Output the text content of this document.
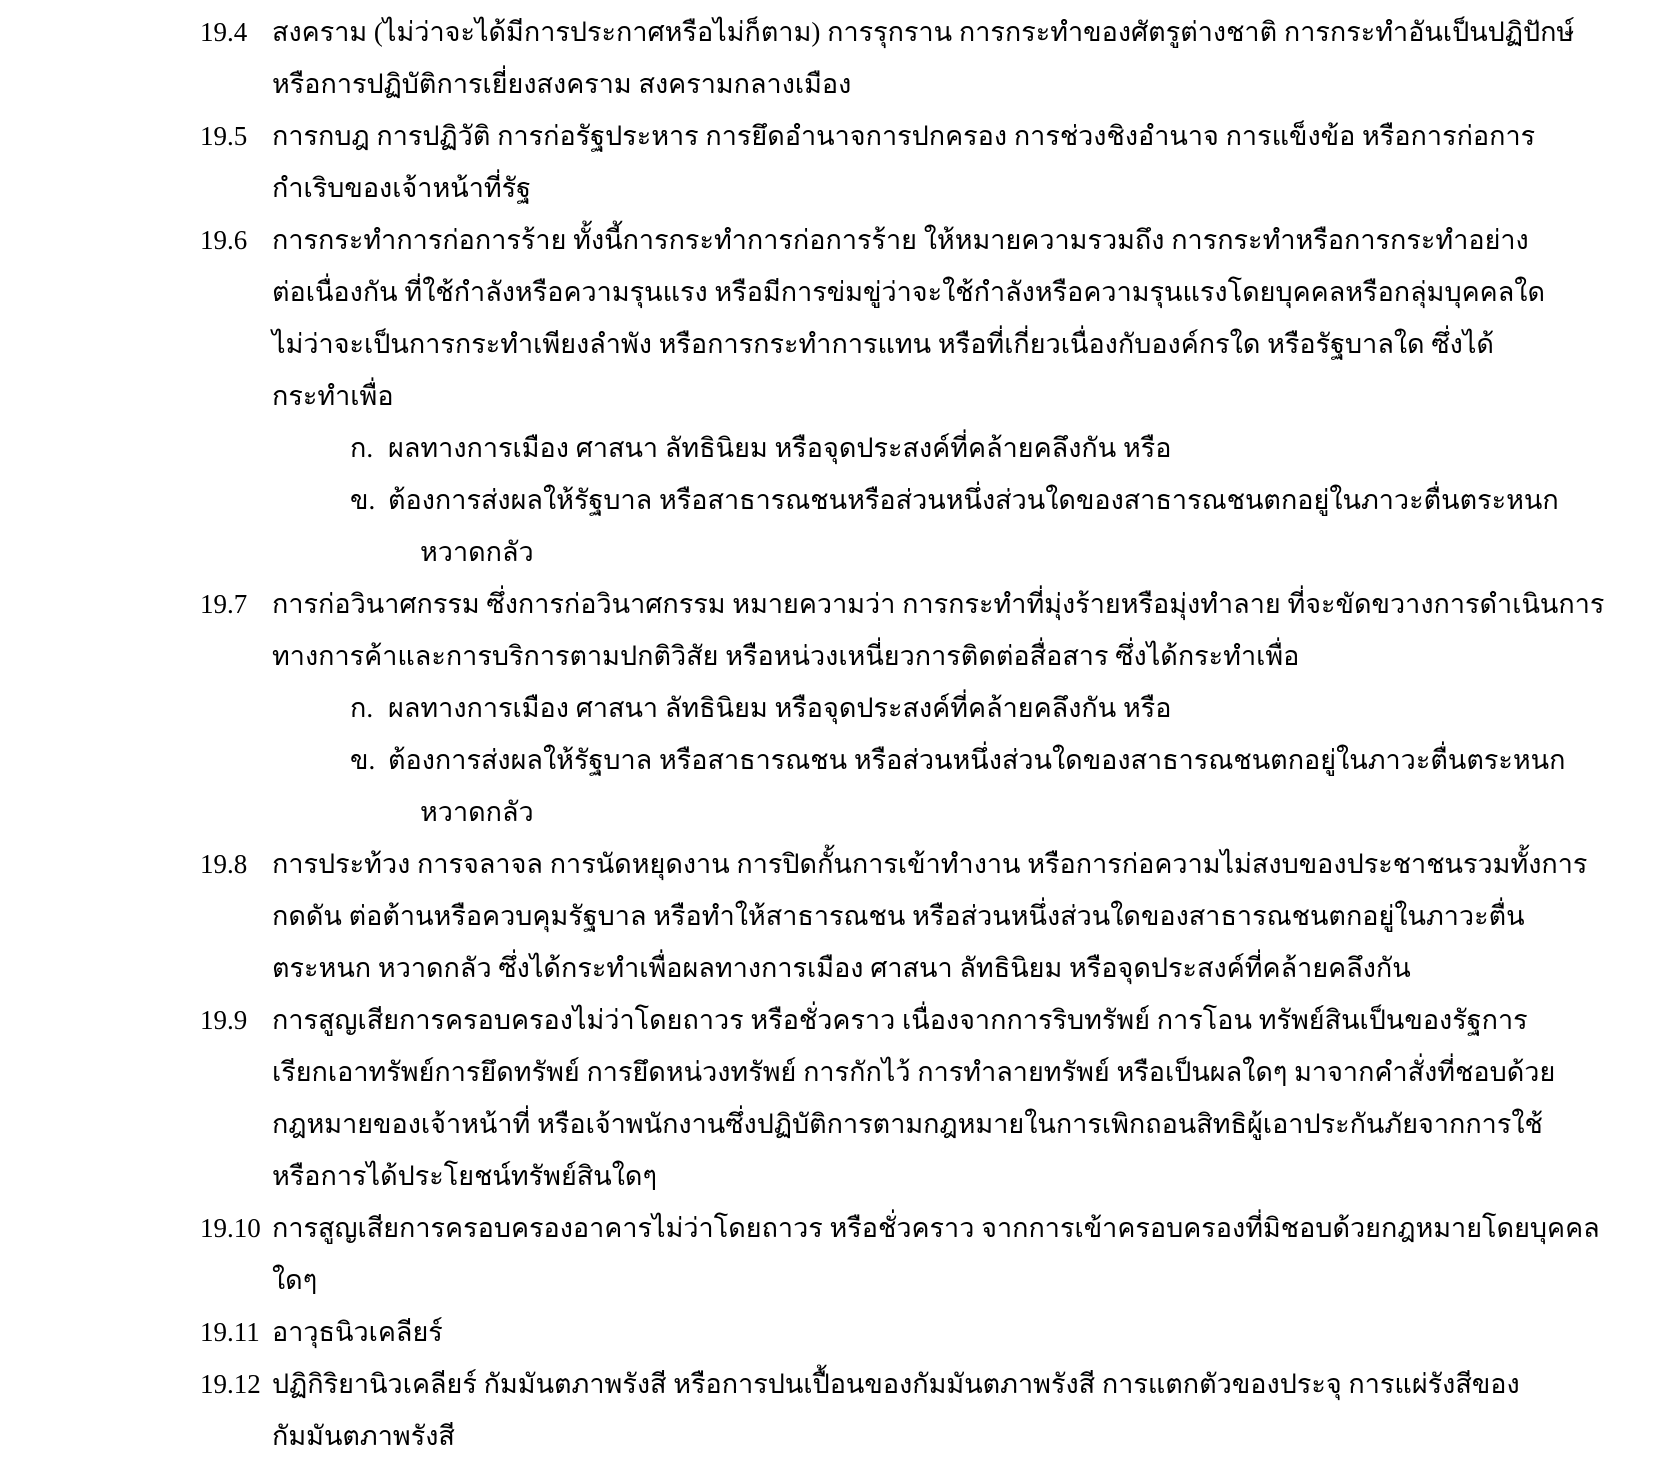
19.4 สงคราม (ไม่ว่าจะได้มีการประกาศหรือไม่ก็ตาม) การรุกราน การกระทำของศัตรูต่างชาติ การกระทำอันเป็นปฏิปักษ์
หรือการปฏิบัติการเยี่ยงสงคราม สงครามกลางเมือง
19.5 การกบฎ การปฏิวัติ การก่อรัฐประหาร การยึดอำนาจการปกครอง การช่วงชิงอำนาจ การแข็งข้อ หรือการก่อการ
กำเริบของเจ้าหน้าที่รัฐ
19.6 การกระทำการก่อการร้าย ทั้งนี้การกระทำการก่อการร้าย ให้หมายความรวมถึง การกระทำหรือการกระทำอย่าง
ต่อเนื่องกัน ที่ใช้กำลังหรือความรุนแรง หรือมีการข่มขู่ว่าจะใช้กำลังหรือความรุนแรงโดยบุคคลหรือกลุ่มบุคคลใด
ไม่ว่าจะเป็นการกระทำเพียงลำพัง หรือการกระทำการแทน หรือที่เกี่ยวเนื่องกับองค์กรใด หรือรัฐบาลใด ซึ่งได้
กระทำเพื่อ
ก. ผลทางการเมือง ศาสนา ลัทธินิยม หรือจุดประสงค์ที่คล้ายคลึงกัน หรือ
ข. ต้องการส่งผลให้รัฐบาล หรือสาธารณชนหรือส่วนหนึ่งส่วนใดของสาธารณชนตกอยู่ในภาวะตื่นตระหนก
หวาดกลัว
19.7 การก่อวินาศกรรม ซึ่งการก่อวินาศกรรม หมายความว่า การกระทำที่มุ่งร้ายหรือมุ่งทำลาย ที่จะขัดขวางการดำเนินการ
ทางการค้าและการบริการตามปกติวิสัย หรือหน่วงเหนี่ยวการติดต่อสื่อสาร ซึ่งได้กระทำเพื่อ
ก. ผลทางการเมือง ศาสนา ลัทธินิยม หรือจุดประสงค์ที่คล้ายคลึงกัน หรือ
ข. ต้องการส่งผลให้รัฐบาล หรือสาธารณชน หรือส่วนหนึ่งส่วนใดของสาธารณชนตกอยู่ในภาวะตื่นตระหนก
หวาดกลัว
19.8 การประท้วง การจลาจล การนัดหยุดงาน การปิดกั้นการเข้าทำงาน หรือการก่อความไม่สงบของประชาชนรวมทั้งการ
กดดัน ต่อต้านหรือควบคุมรัฐบาล หรือทำให้สาธารณชน หรือส่วนหนึ่งส่วนใดของสาธารณชนตกอยู่ในภาวะตื่น
ตระหนก หวาดกลัว ซึ่งได้กระทำเพื่อผลทางการเมือง ศาสนา ลัทธินิยม หรือจุดประสงค์ที่คล้ายคลึงกัน
19.9 การสูญเสียการครอบครองไม่ว่าโดยถาวร หรือชั่วคราว เนื่องจากการริบทรัพย์ การโอน ทรัพย์สินเป็นของรัฐการ
เรียกเอาทรัพย์การยึดทรัพย์ การยึดหน่วงทรัพย์ การกักไว้ การทำลายทรัพย์ หรือเป็นผลใดๆ มาจากคำสั่งที่ชอบด้วย
กฎหมายของเจ้าหน้าที่ หรือเจ้าพนักงานซึ่งปฏิบัติการตามกฎหมายในการเพิกถอนสิทธิผู้เอาประกันภัยจากการใช้
หรือการได้ประโยชน์ทรัพย์สินใดๆ
19.10 การสูญเสียการครอบครองอาคารไม่ว่าโดยถาวร หรือชั่วคราว จากการเข้าครอบครองที่มิชอบด้วยกฎหมายโดยบุคคล
ใดๆ
19.11 อาวุธนิวเคลียร์
19.12 ปฏิกิริยานิวเคลียร์ กัมมันตภาพรังสี หรือการปนเปื้อนของกัมมันตภาพรังสี การแตกตัวของประจุ การแผ่รังสีของ
กัมมันตภาพรังสี
